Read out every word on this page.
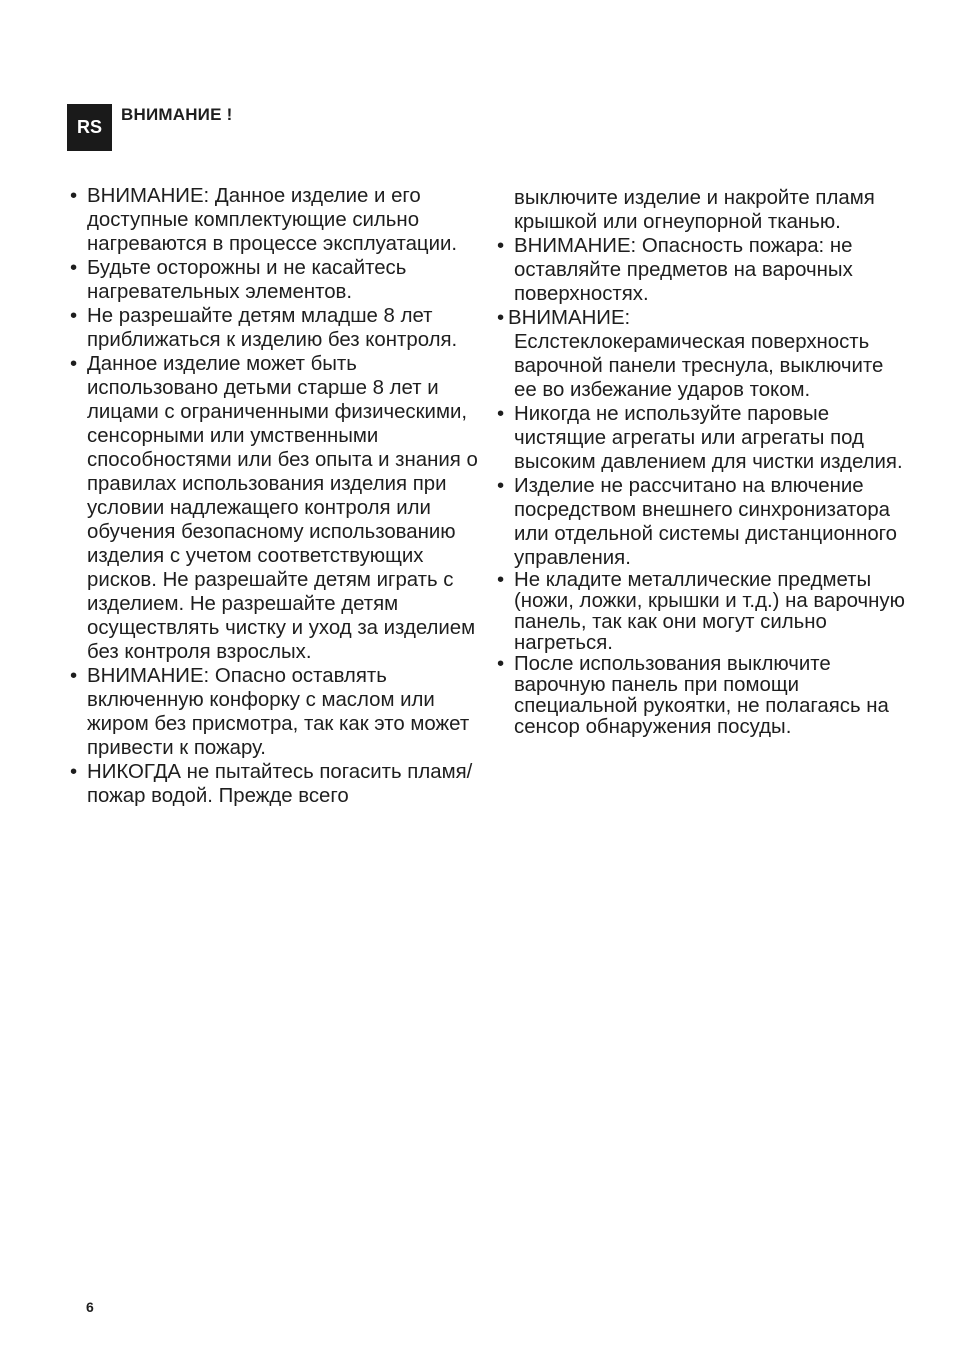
RS
ВНИМАНИЕ !
• ВНИМАНИЕ: Данное изделие и его доступные комплектующие сильно нагреваются в процессе эксплуатации.
• Будьте осторожны и не касайтесь нагревательных элементов.
• Не разрешайте детям младше 8 лет приближаться к изделию без контроля.
• Данное изделие может быть использовано детьми старше 8 лет и лицами с ограниченными физическими, сенсорными или умственными способностями или без опыта и знания о правилах использования изделия при условии надлежащего контроля или обучения безопасному использованию изделия с учетом соответствующих рисков. Не разрешайте детям играть с изделием. Не разрешайте детям осуществлять чистку и уход за изделием без контроля взрослых.
• ВНИМАНИЕ: Опасно оставлять включенную конфорку с маслом или жиром без присмотра, так как это может привести к пожару.
• НИКОГДА не пытайтесь погасить пламя/пожар водой. Прежде всего
выключите изделие и накройте пламя крышкой или огнеупорной тканью.
• ВНИМАНИЕ: Опасность пожара: не оставляйте предметов на варочных поверхностях.
• ВНИМАНИЕ:
Еслстеклокерамическая поверхность варочной панели треснула, выключите ее во избежание ударов током.
• Никогда не используйте паровые чистящие агрегаты или агрегаты под высоким давлением для чистки изделия.
• Изделие не рассчитано на влючение посредством внешнего синхронизатора или отдельной системы дистанционного управления.
• Не кладите металлические предметы (ножи, ложки, крышки и т.д.) на варочную панель, так как они могут сильно нагреться.
• После использования выключите варочную панель при помощи специальной рукоятки, не полагаясь на сенсор обнаружения посуды.
6
